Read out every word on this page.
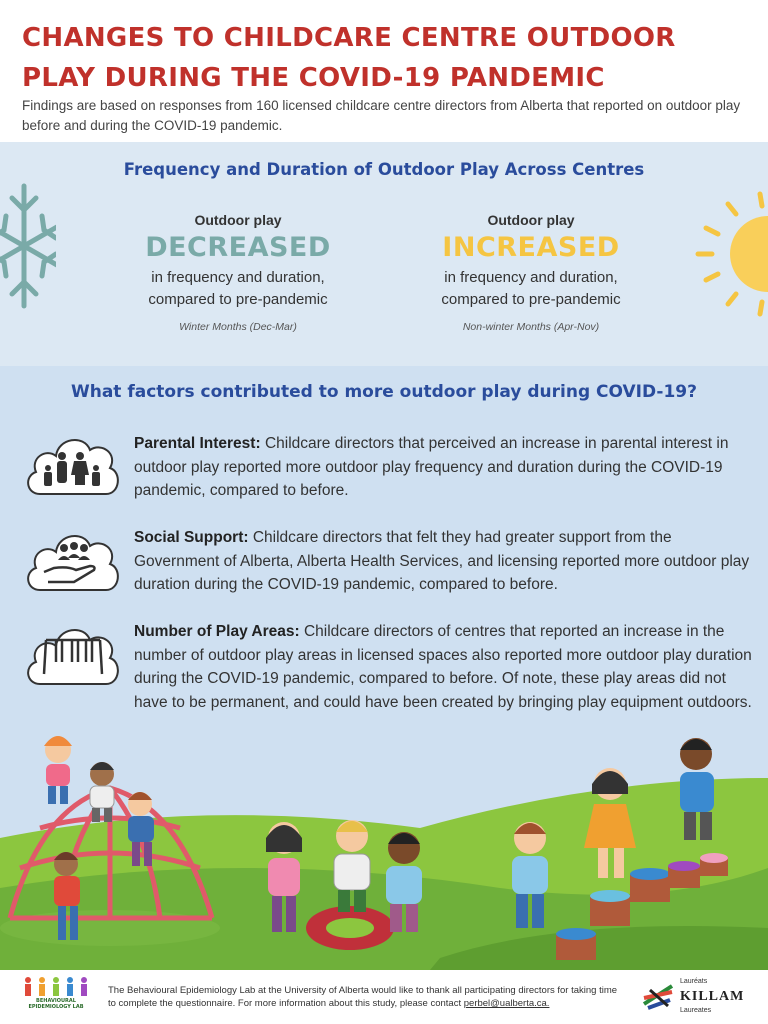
CHANGES TO CHILDCARE CENTRE OUTDOOR PLAY DURING THE COVID-19 PANDEMIC
Findings are based on responses from 160 licensed childcare centre directors from Alberta that reported on outdoor play before and during the COVID-19 pandemic.
Frequency and Duration of Outdoor Play Across Centres
Outdoor play
DECREASED
in frequency and duration, compared to pre-pandemic
Winter Months (Dec-Mar)
Outdoor play
INCREASED
in frequency and duration, compared to pre-pandemic
Non-winter Months (Apr-Nov)
What factors contributed to more outdoor play during COVID-19?
Parental Interest: Childcare directors that perceived an increase in parental interest in outdoor play reported more outdoor play frequency and duration during the COVID-19 pandemic, compared to before.
Social Support: Childcare directors that felt they had greater support from the Government of Alberta, Alberta Health Services, and licensing reported more outdoor play duration during the COVID-19 pandemic, compared to before.
Number of Play Areas: Childcare directors of centres that reported an increase in the number of outdoor play areas in licensed spaces also reported more outdoor play duration during the COVID-19 pandemic, compared to before. Of note, these play areas did not have to be permanent, and could have been created by bringing play equipment outdoors.
BEHAVIOURAL EPIDEMIOLOGY LAB
The Behavioural Epidemiology Lab at the University of Alberta would like to thank all participating directors for taking time to complete the questionnaire. For more information about this study, please contact perbel@ualberta.ca.
Lauréats
KILLAM
Laureates
